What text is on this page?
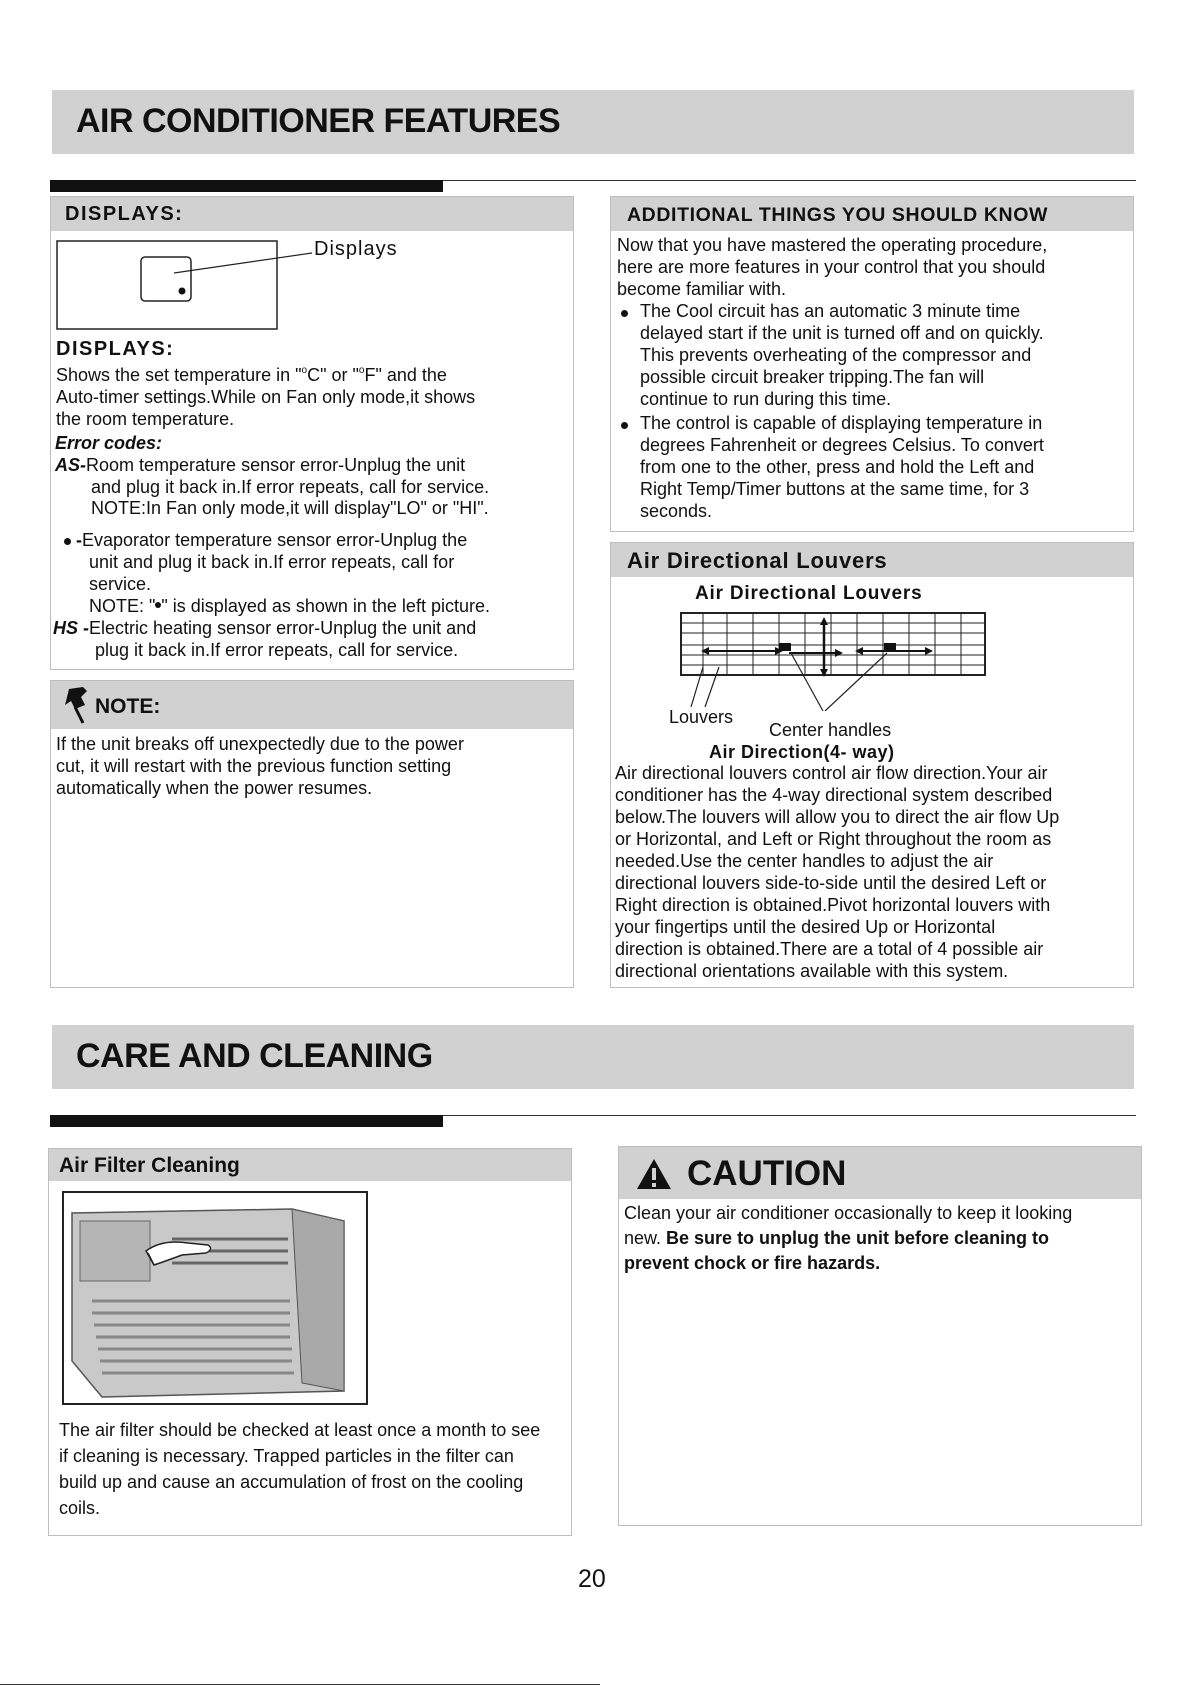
AIR CONDITIONER FEATURES
DISPLAYS:
Displays
DISPLAYS:
Shows the set temperature in "$^o$C" or "$^o$F" and the
Auto-timer settings.While on Fan only mode,it shows
the room temperature.
Error codes:
AS-Room temperature sensor error-Unplug the unit
and plug it back in.If error repeats, call for service.
NOTE:In Fan only mode,it will display"LO" or "HI".
-Evaporator temperature sensor error-Unplug the
unit and plug it back in.If error repeats, call for
service.
NOTE: " " is displayed as shown in the left picture.
HS -Electric heating sensor error-Unplug the unit and
plug it back in.If error repeats, call for service.
NOTE:
If the unit breaks off unexpectedly due to the power
cut, it will restart with the previous function setting
automatically when the power resumes.
ADDITIONAL THINGS YOU SHOULD KNOW
Now that you have mastered the operating procedure,
here are more features in your control that you should
become familiar with.
The Cool circuit has an automatic 3 minute time
delayed start if the unit is turned off and on quickly.
This prevents overheating of the compressor and
possible circuit breaker tripping.The fan will
continue to run during this time.
The control is capable of displaying temperature in
degrees Fahrenheit or degrees Celsius. To convert
from one to the other, press and hold the Left and
Right Temp/Timer buttons at the same time, for 3
seconds.
Air Directional Louvers
Air Directional Louvers
Louvers
Center handles
Air Direction(4- way)
Air directional louvers control air flow direction.Your air
conditioner has the 4-way directional system described
below.The louvers will allow you to direct the air flow Up
or Horizontal, and Left or Right throughout the room as
needed.Use the center handles to adjust the air
directional louvers side-to-side until the desired Left or
Right direction is obtained.Pivot horizontal louvers with
your fingertips until the desired Up or Horizontal
direction is obtained.There are a total of 4 possible air
directional orientations available with this system.
CARE AND CLEANING
Air Filter Cleaning
The air filter should be checked at least once a month to see
if cleaning is necessary. Trapped particles in the filter can
build up and cause an accumulation of frost on the cooling
coils.
CAUTION
Clean your air conditioner occasionally to keep it looking
new. Be sure to unplug the unit before cleaning to
prevent chock or fire hazards.
20
